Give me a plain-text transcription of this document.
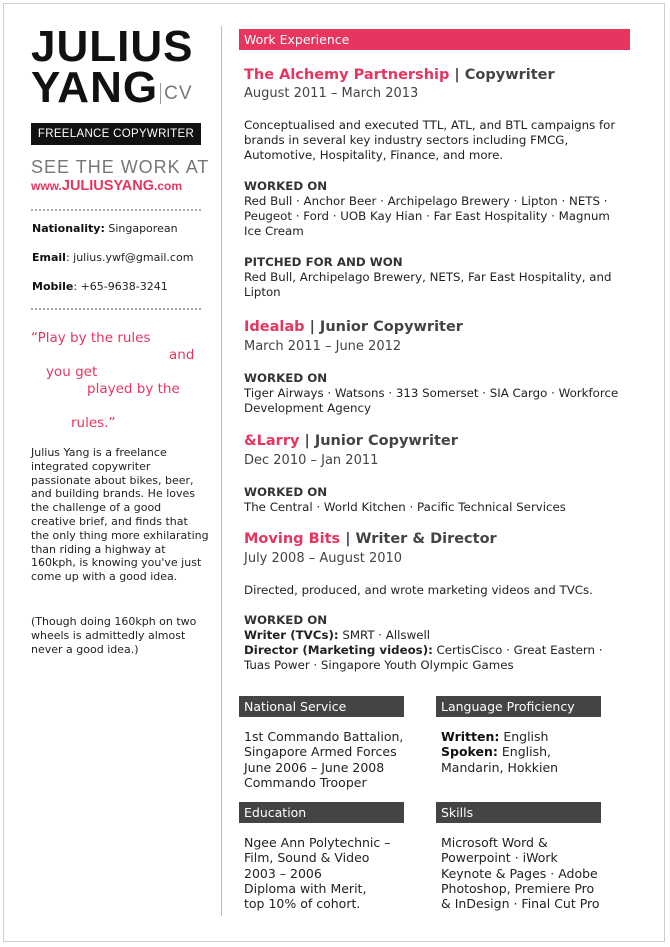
JULIUS
YANG CV
FREELANCE COPYWRITER
SEE THE WORK AT
www.JULIUSYANG.com
Nationality: Singaporean
Email: julius.ywf@gmail.com
Mobile: +65-9638-3241
“Play by the rules
and
you get
played by the
rules.”
Julius Yang is a freelance integrated copywriter passionate about bikes, beer, and building brands. He loves the challenge of a good creative brief, and finds that the only thing more exhilarating than riding a highway at 160kph, is knowing you've just come up with a good idea.
(Though doing 160kph on two wheels is admittedly almost never a good idea.)
Work Experience
The Alchemy Partnership | Copywriter
August 2011 – March 2013
Conceptualised and executed TTL, ATL, and BTL campaigns for brands in several key industry sectors including FMCG, Automotive, Hospitality, Finance, and more.
WORKED ON
Red Bull · Anchor Beer · Archipelago Brewery · Lipton · NETS · Peugeot · Ford · UOB Kay Hian · Far East Hospitality · Magnum Ice Cream
PITCHED FOR AND WON
Red Bull, Archipelago Brewery, NETS, Far East Hospitality, and Lipton
Idealab | Junior Copywriter
March 2011 – June 2012
WORKED ON
Tiger Airways · Watsons · 313 Somerset · SIA Cargo · Workforce Development Agency
&Larry | Junior Copywriter
Dec 2010 – Jan 2011
WORKED ON
The Central · World Kitchen · Pacific Technical Services
Moving Bits | Writer & Director
July 2008 – August 2010
Directed, produced, and wrote marketing videos and TVCs.
WORKED ON
Writer (TVCs): SMRT · Allswell
Director (Marketing videos): CertisCisco · Great Eastern · Tuas Power · Singapore Youth Olympic Games
National Service
1st Commando Battalion,
Singapore Armed Forces
June 2006 – June 2008
Commando Trooper
Language Proficiency
Written: English
Spoken: English,
Mandarin, Hokkien
Education
Ngee Ann Polytechnic –
Film, Sound & Video
2003 – 2006
Diploma with Merit,
top 10% of cohort.
Skills
Microsoft Word &
Powerpoint · iWork
Keynote & Pages · Adobe
Photoshop, Premiere Pro
& InDesign · Final Cut Pro
